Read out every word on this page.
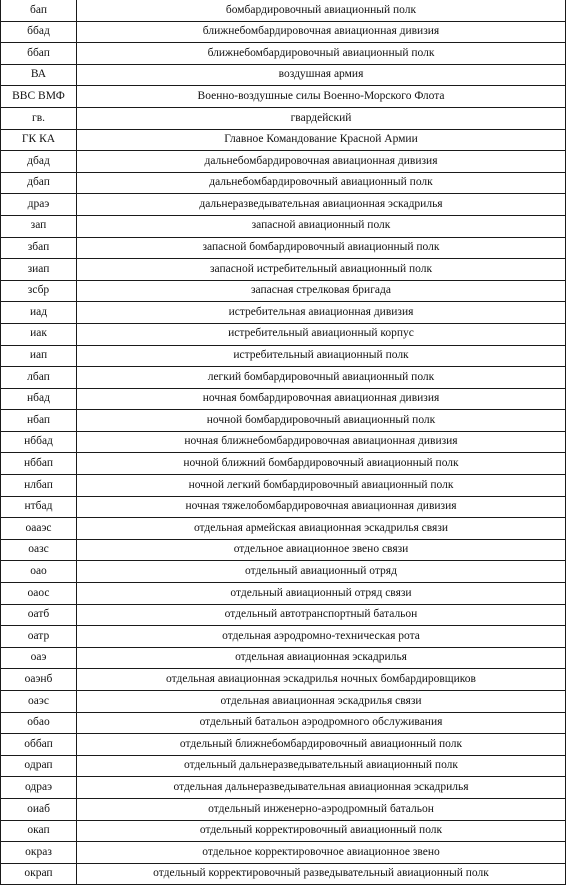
бап	бомбардировочный авиационный полк
ббад	ближнебомбардировочная авиационная дивизия
ббап	ближнебомбардировочный авиационный полк
ВА	воздушная армия
ВВС ВМФ	Военно-воздушные силы Военно-Морского Флота
гв.	гвардейский
ГК КА	Главное Командование Красной Армии
дбад	дальнебомбардировочная авиационная дивизия
дбап	дальнебомбардировочный авиационный полк
драэ	дальнеразведывательная авиационная эскадрилья
зап	запасной авиационный полк
збап	запасной бомбардировочный авиационный полк
зиап	запасной истребительный авиационный полк
зсбр	запасная стрелковая бригада
иад	истребительная авиационная дивизия
иак	истребительный авиационный корпус
иап	истребительный авиационный полк
лбап	легкий бомбардировочный авиационный полк
нбад	ночная бомбардировочная авиационная дивизия
нбап	ночной бомбардировочный авиационный полк
нббад	ночная ближнебомбардировочная авиационная дивизия
нббап	ночной ближний бомбардировочный авиационный полк
нлбап	ночной легкий бомбардировочный авиационный полк
нтбад	ночная тяжелобомбардировочная авиационная дивизия
оааэс	отдельная армейская авиационная эскадрилья связи
оазс	отдельное авиационное звено связи
оао	отдельный авиационный отряд
оаос	отдельный авиационный отряд связи
оатб	отдельный автотранспортный батальон
оатр	отдельная аэродромно-техническая рота
оаэ	отдельная авиационная эскадрилья
оаэнб	отдельная авиационная эскадрилья ночных бомбардировщиков
оаэс	отдельная авиационная эскадрилья связи
обао	отдельный батальон аэродромного обслуживания
оббап	отдельный ближнебомбардировочный авиационный полк
одрап	отдельный дальнеразведывательный авиационный полк
одраэ	отдельная дальнеразведывательная авиационная эскадрилья
оиаб	отдельный инженерно-аэродромный батальон
окап	отдельный корректировочный авиационный полк
окраз	отдельное корректировочное авиационное звено
окрап	отдельный корректировочный разведывательный авиационный полк
